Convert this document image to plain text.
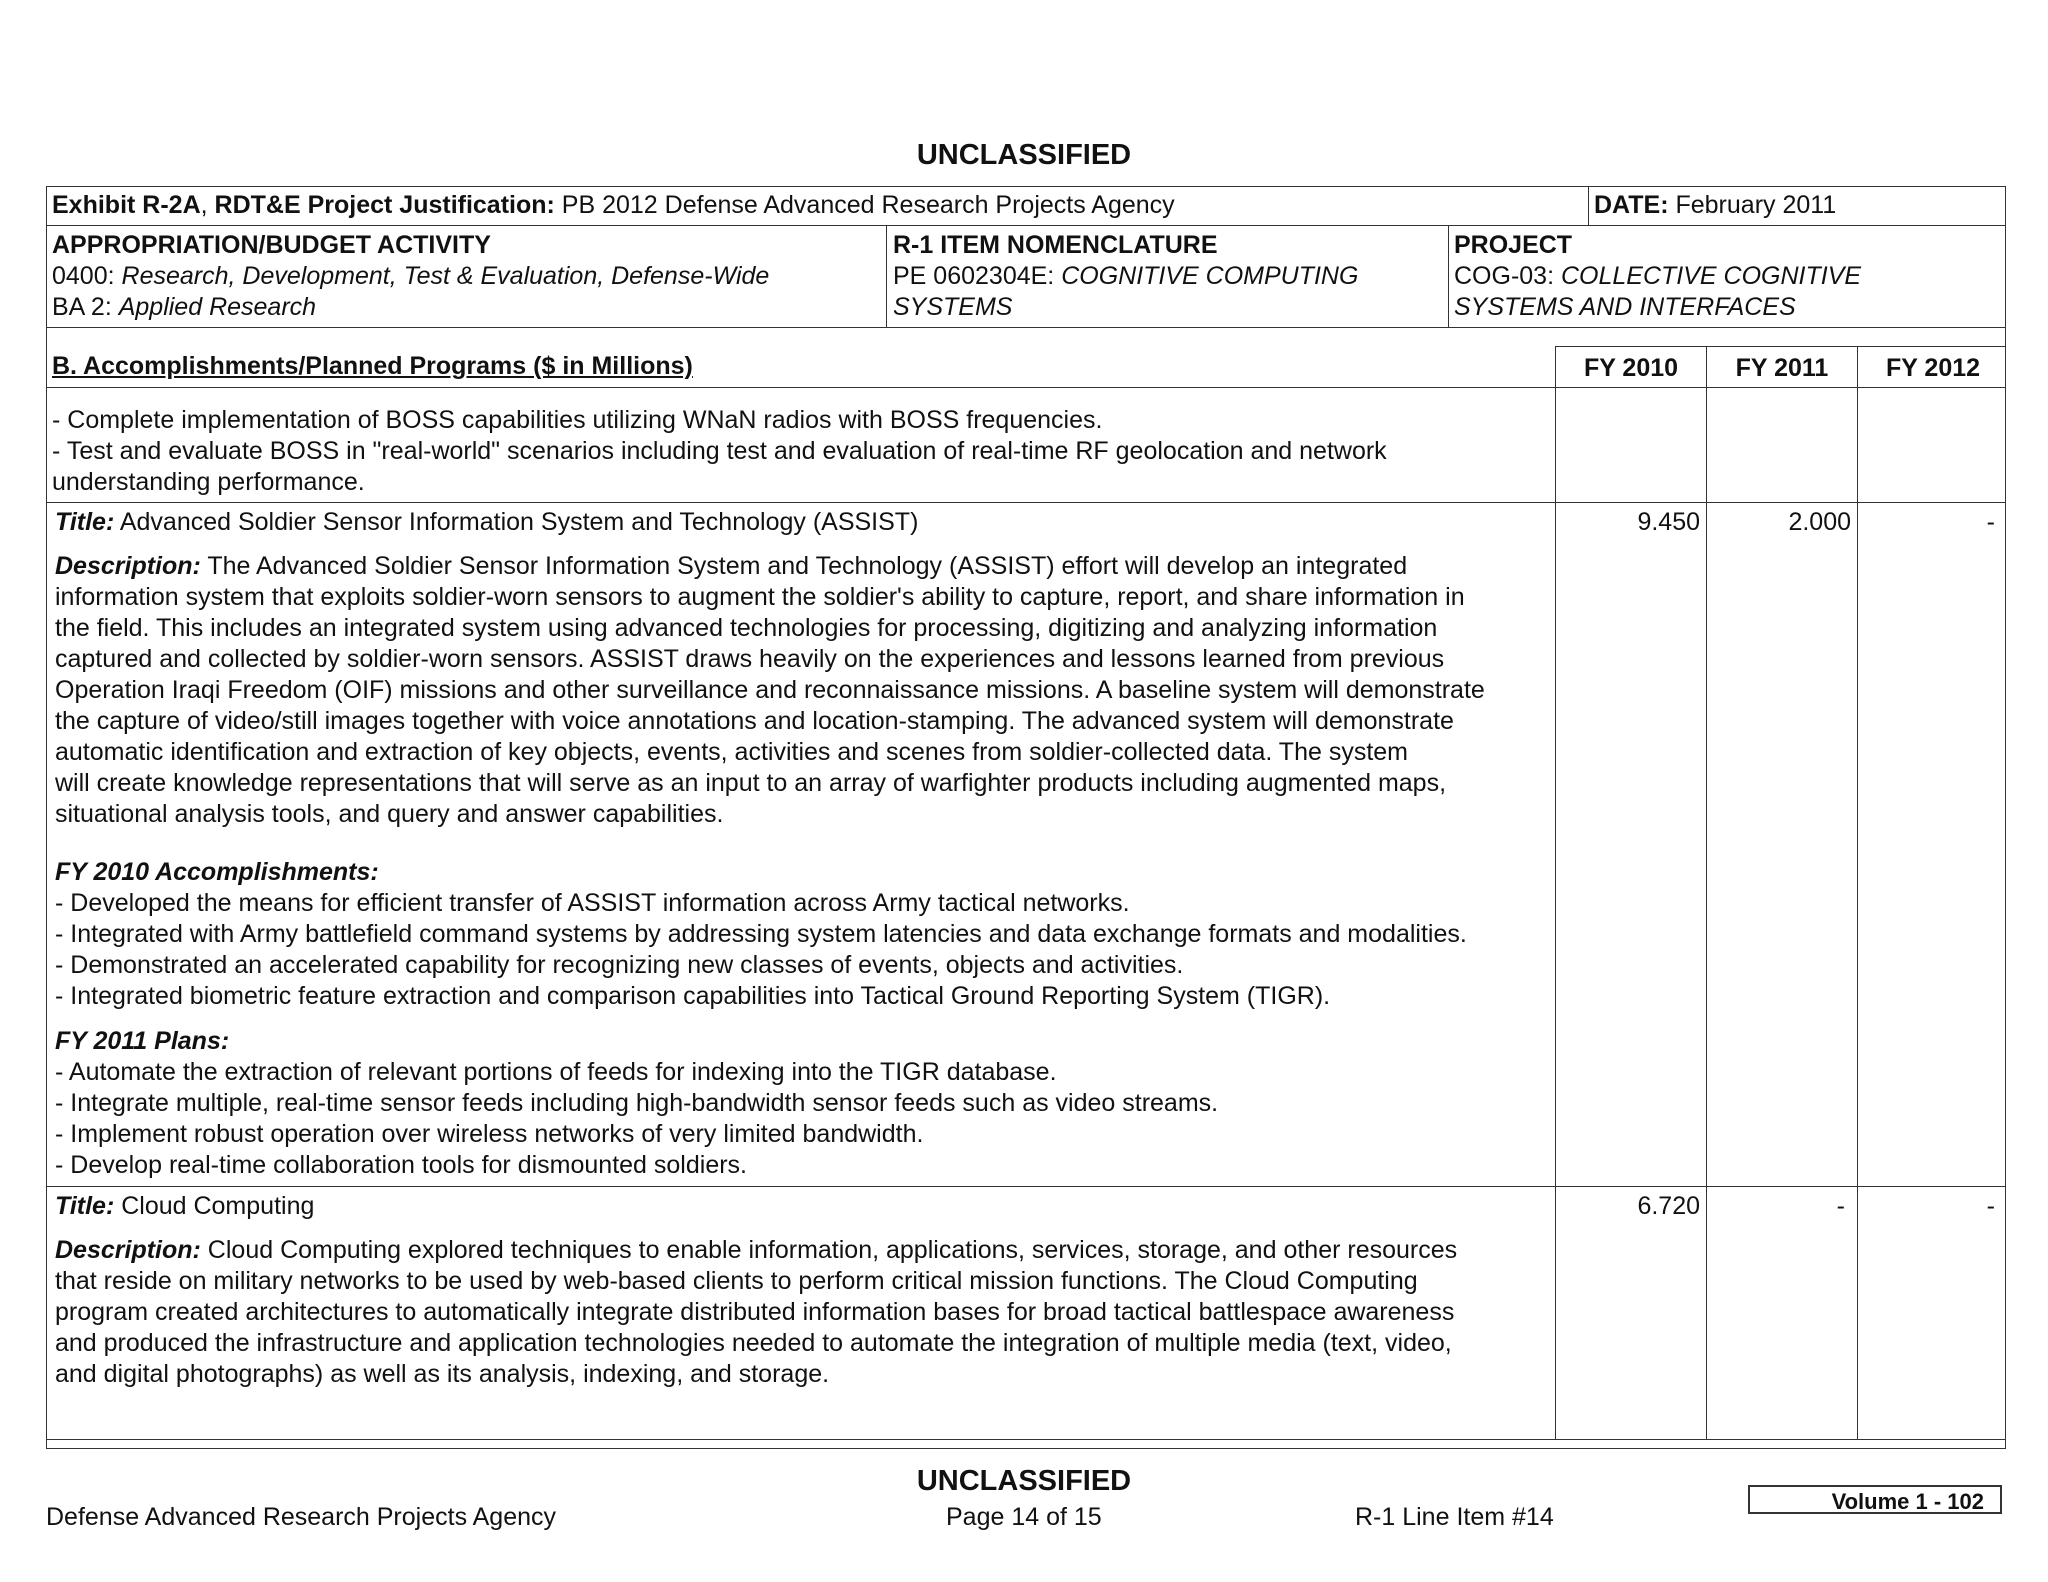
UNCLASSIFIED
Exhibit R-2A, RDT&E Project Justification: PB 2012 Defense Advanced Research Projects Agency	DATE: February 2011
APPROPRIATION/BUDGET ACTIVITY
0400: Research, Development, Test & Evaluation, Defense-Wide
BA 2: Applied Research
R-1 ITEM NOMENCLATURE
PE 0602304E: COGNITIVE COMPUTING
SYSTEMS
PROJECT
COG-03: COLLECTIVE COGNITIVE
SYSTEMS AND INTERFACES
B. Accomplishments/Planned Programs ($ in Millions)	FY 2010	FY 2011	FY 2012
- Complete implementation of BOSS capabilities utilizing WNaN radios with BOSS frequencies.
- Test and evaluate BOSS in "real-world" scenarios including test and evaluation of real-time RF geolocation and network
understanding performance.
Title: Advanced Soldier Sensor Information System and Technology (ASSIST)	9.450	2.000	-
Description: The Advanced Soldier Sensor Information System and Technology (ASSIST) effort will develop an integrated
information system that exploits soldier-worn sensors to augment the soldier's ability to capture, report, and share information in
the field. This includes an integrated system using advanced technologies for processing, digitizing and analyzing information
captured and collected by soldier-worn sensors. ASSIST draws heavily on the experiences and lessons learned from previous
Operation Iraqi Freedom (OIF) missions and other surveillance and reconnaissance missions. A baseline system will demonstrate
the capture of video/still images together with voice annotations and location-stamping. The advanced system will demonstrate
automatic identification and extraction of key objects, events, activities and scenes from soldier-collected data. The system
will create knowledge representations that will serve as an input to an array of warfighter products including augmented maps,
situational analysis tools, and query and answer capabilities.
FY 2010 Accomplishments:
- Developed the means for efficient transfer of ASSIST information across Army tactical networks.
- Integrated with Army battlefield command systems by addressing system latencies and data exchange formats and modalities.
- Demonstrated an accelerated capability for recognizing new classes of events, objects and activities.
- Integrated biometric feature extraction and comparison capabilities into Tactical Ground Reporting System (TIGR).
FY 2011 Plans:
- Automate the extraction of relevant portions of feeds for indexing into the TIGR database.
- Integrate multiple, real-time sensor feeds including high-bandwidth sensor feeds such as video streams.
- Implement robust operation over wireless networks of very limited bandwidth.
- Develop real-time collaboration tools for dismounted soldiers.
Title: Cloud Computing	6.720	-	-
Description: Cloud Computing explored techniques to enable information, applications, services, storage, and other resources
that reside on military networks to be used by web-based clients to perform critical mission functions. The Cloud Computing
program created architectures to automatically integrate distributed information bases for broad tactical battlespace awareness
and produced the infrastructure and application technologies needed to automate the integration of multiple media (text, video,
and digital photographs) as well as its analysis, indexing, and storage.
UNCLASSIFIED
Defense Advanced Research Projects Agency	Page 14 of 15	R-1 Line Item #14
Volume 1 - 102
